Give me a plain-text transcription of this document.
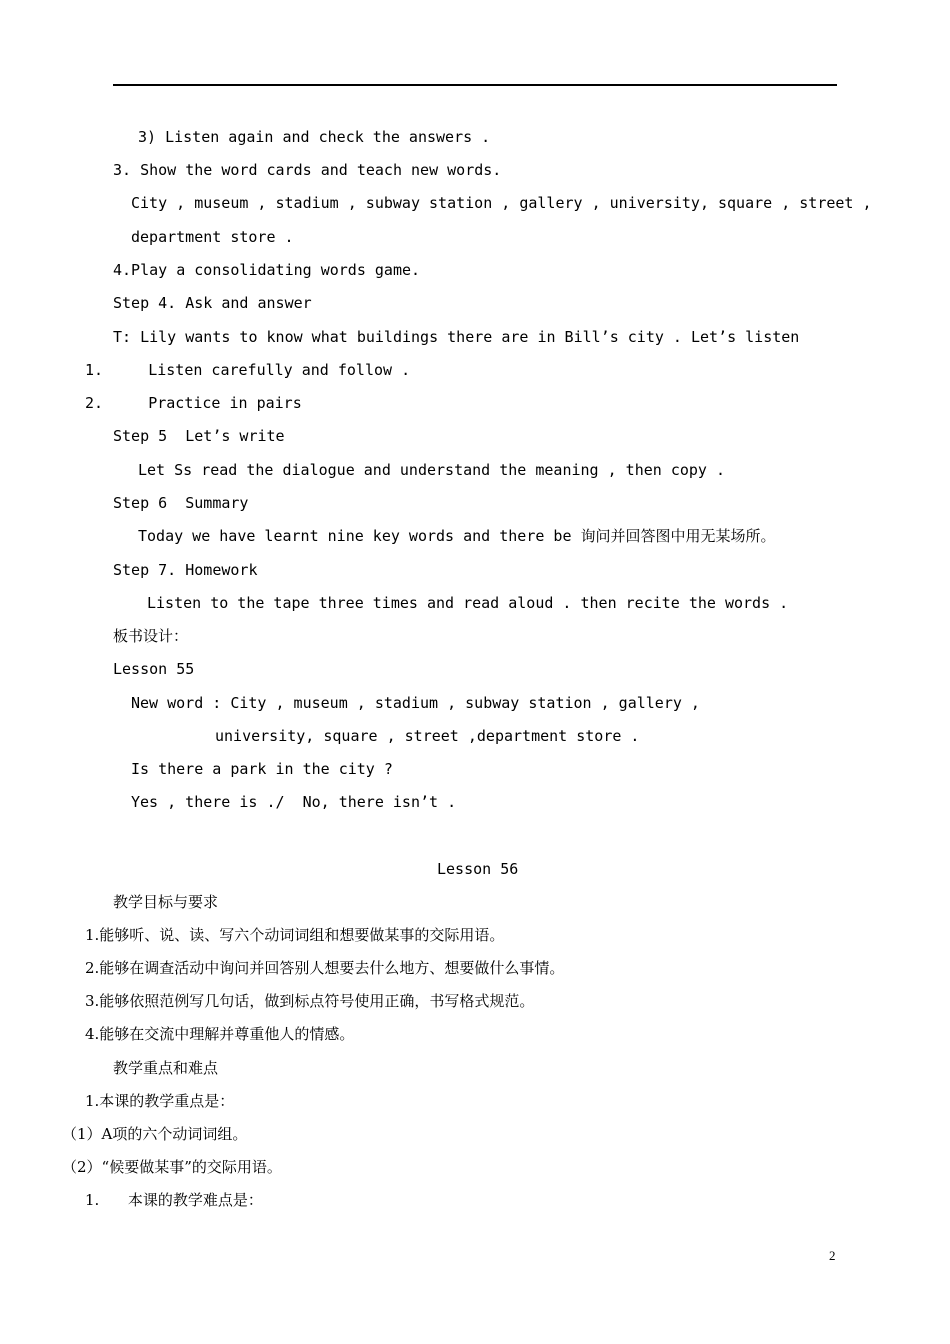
3) Listen again and check the answers .
3. Show the word cards and teach new words.
City , museum , stadium , subway station , gallery , university, square , street ,
department store .
4.Play a consolidating words game.
Step 4. Ask and answer
T: Lily wants to know what buildings there are in Bill’s city . Let’s listen
1.     Listen carefully and follow .
2.     Practice in pairs
Step 5  Let’s write
Let Ss read the dialogue and understand the meaning , then copy .
Step 6  Summary
Today we have learnt nine key words and there be 询问并回答图中用无某场所。
Step 7. Homework
Listen to the tape three times and read aloud . then recite the words .
板书设计：
Lesson 55
New word : City , museum , stadium , subway station , gallery ,
university, square , street ,department store .
Is there a park in the city ?
Yes , there is ./  No, there isn’t .
Lesson 56
教学目标与要求
1.能够听、说、读、写六个动词词组和想要做某事的交际用语。
2.能够在调查活动中询问并回答别人想要去什么地方、想要做什么事情。
3.能够依照范例写几句话，做到标点符号使用正确，书写格式规范。
4.能够在交流中理解并尊重他人的情感。
教学重点和难点
1.本课的教学重点是：
（1）A项的六个动词词组。
（2）“候要做某事”的交际用语。
1.      本课的教学难点是：
2
